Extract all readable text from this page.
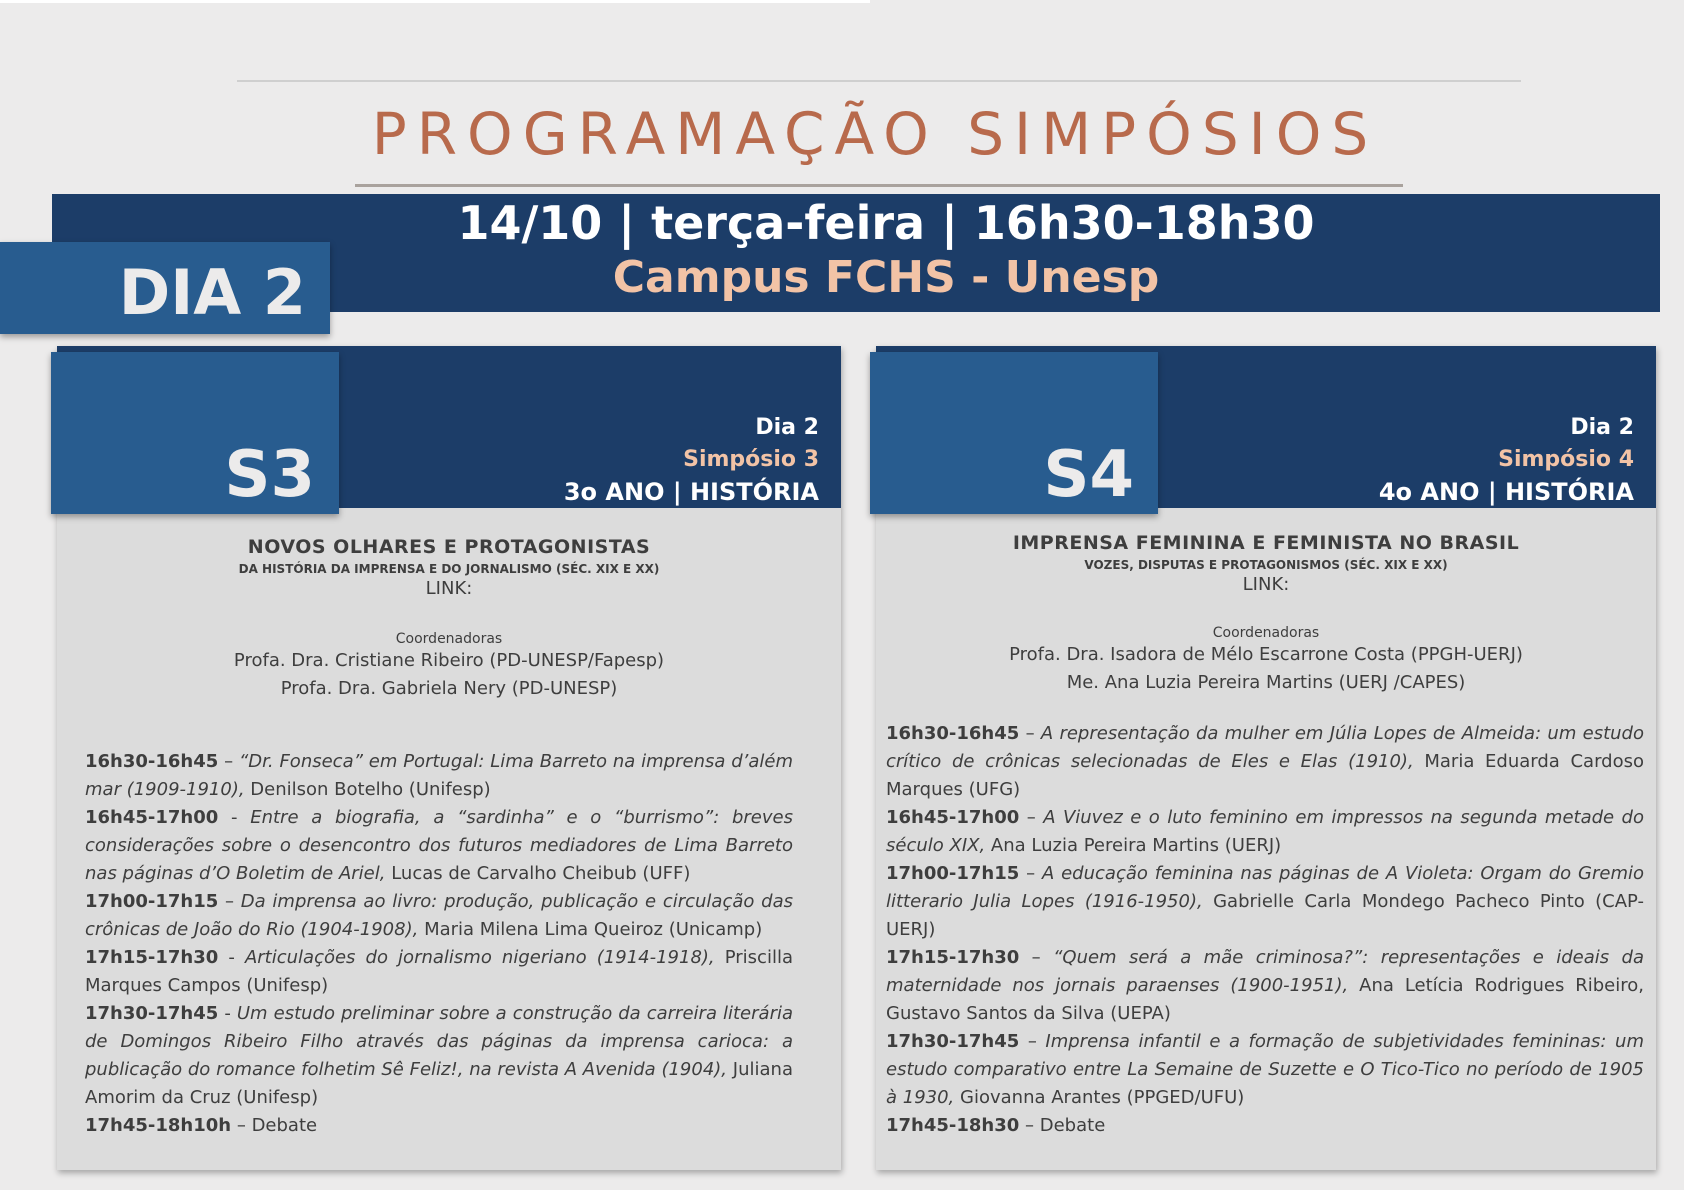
PROGRAMAÇÃO SIMPÓSIOS
14/10 | terça-feira | 16h30-18h30
Campus FCHS - Unesp
DIA 2
S3
Dia 2
Simpósio 3
3o ANO | HISTÓRIA
NOVOS OLHARES E PROTAGONISTAS
DA HISTÓRIA DA IMPRENSA E DO JORNALISMO (SÉC. XIX E XX)
LINK:
Coordenadoras
Profa. Dra. Cristiane Ribeiro (PD-UNESP/Fapesp)
Profa. Dra. Gabriela Nery (PD-UNESP)

16h30-16h45 – “Dr. Fonseca” em Portugal: Lima Barreto na imprensa d’além mar (1909-1910), Denilson Botelho (Unifesp)

16h45-17h00 - Entre a biografia, a “sardinha” e o “burrismo”: breves considerações sobre o desencontro dos futuros mediadores de Lima Barreto nas páginas d’O Boletim de Ariel, Lucas de Carvalho Cheibub (UFF)

17h00-17h15 – Da imprensa ao livro: produção, publicação e circulação das crônicas de João do Rio (1904-1908), Maria Milena Lima Queiroz (Unicamp)

17h15-17h30 - Articulações do jornalismo nigeriano (1914-1918), Priscilla Marques Campos (Unifesp)

17h30-17h45 - Um estudo preliminar sobre a construção da carreira literária de Domingos Ribeiro Filho através das páginas da imprensa carioca: a publicação do romance folhetim Sê Feliz!, na revista A Avenida (1904), Juliana Amorim da Cruz (Unifesp)

17h45-18h10h – Debate

S4
Dia 2
Simpósio 4
4o ANO | HISTÓRIA
IMPRENSA FEMININA E FEMINISTA NO BRASIL
VOZES, DISPUTAS E PROTAGONISMOS (SÉC. XIX E XX)
LINK:
Coordenadoras
Profa. Dra. Isadora de Mélo Escarrone Costa (PPGH-UERJ)
Me. Ana Luzia Pereira Martins (UERJ /CAPES)

16h30-16h45 – A representação da mulher em Júlia Lopes de Almeida: um estudo crítico de crônicas selecionadas de Eles e Elas (1910), Maria Eduarda Cardoso Marques (UFG)

16h45-17h00 – A Viuvez e o luto feminino em impressos na segunda metade do século XIX, Ana Luzia Pereira Martins (UERJ)

17h00-17h15 – A educação feminina nas páginas de A Violeta: Orgam do Gremio litterario Julia Lopes (1916-1950), Gabrielle Carla Mondego Pacheco Pinto (CAP-UERJ)

17h15-17h30 – “Quem será a mãe criminosa?”: representações e ideais da maternidade nos jornais paraenses (1900-1951), Ana Letícia Rodrigues Ribeiro, Gustavo Santos da Silva (UEPA)

17h30-17h45 – Imprensa infantil e a formação de subjetividades femininas: um estudo comparativo entre La Semaine de Suzette e O Tico-Tico no período de 1905 à 1930, Giovanna Arantes (PPGED/UFU)

17h45-18h30 – Debate
